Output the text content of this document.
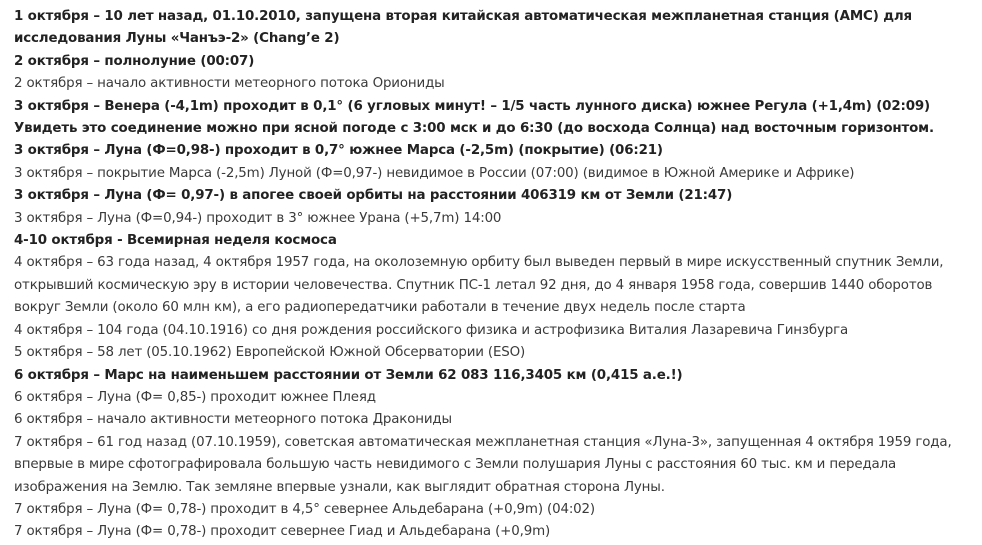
1 октября – 10 лет назад, 01.10.2010, запущена вторая китайская автоматическая межпланетная станция (АМС) для исследования Луны «Чанъэ-2» (Chang’e 2)

2 октября – полнолуние (00:07)

2 октября – начало активности метеорного потока Ориониды

3 октября – Венера (-4,1m) проходит в 0,1° (6 угловых минут! – 1/5 часть лунного диска) южнее Регула (+1,4m) (02:09) Увидеть это соединение можно при ясной погоде с 3:00 мск и до 6:30 (до восхода Солнца) над восточным горизонтом.

3 октября – Луна (Ф=0,98-) проходит в 0,7° южнее Марса (-2,5m) (покрытие) (06:21)

3 октября – покрытие Марса (-2,5m) Луной (Ф=0,97-) невидимое в России (07:00) (видимое в Южной Америке и Африке)

3 октября – Луна (Ф= 0,97-) в апогее своей орбиты на расстоянии 406319 км от Земли (21:47)

3 октября – Луна (Ф=0,94-) проходит в 3° южнее Урана (+5,7m) 14:00

4-10 октября - Всемирная неделя космоса

4 октября – 63 года назад, 4 октября 1957 года, на околоземную орбиту был выведен первый в мире искусственный спутник Земли, открывший космическую эру в истории человечества. Спутник ПС-1 летал 92 дня, до 4 января 1958 года, совершив 1440 оборотов вокруг Земли (около 60 млн км), а его радиопередатчики работали в течение двух недель после старта

4 октября – 104 года (04.10.1916) со дня рождения российского физика и астрофизика Виталия Лазаревича Гинзбурга

5 октября – 58 лет (05.10.1962) Европейской Южной Обсерватории (ESO)

6 октября – Марс на наименьшем расстоянии от Земли 62 083 116,3405 км (0,415 а.е.!)

6 октября – Луна (Ф= 0,85-) проходит южнее Плеяд

6 октября – начало активности метеорного потока Дракониды

7 октября – 61 год назад (07.10.1959), советская автоматическая межпланетная станция «Луна-3», запущенная 4 октября 1959 года, впервые в мире сфотографировала большую часть невидимого с Земли полушария Луны с расстояния 60 тыс. км и передала изображения на Землю. Так земляне впервые узнали, как выглядит обратная сторона Луны.

7 октября – Луна (Ф= 0,78-) проходит в 4,5° севернее Альдебарана (+0,9m) (04:02)

7 октября – Луна (Ф= 0,78-) проходит севернее Гиад и Альдебарана (+0,9m)
